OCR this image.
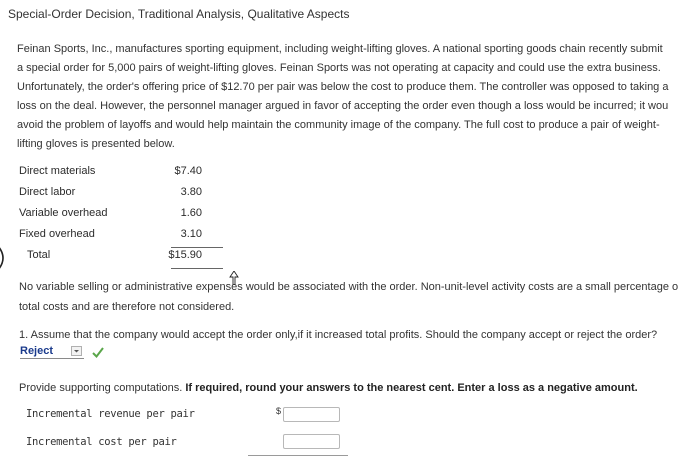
Special-Order Decision, Traditional Analysis, Qualitative Aspects
Feinan Sports, Inc., manufactures sporting equipment, including weight-lifting gloves. A national sporting goods chain recently submit
a special order for 5,000 pairs of weight-lifting gloves. Feinan Sports was not operating at capacity and could use the extra business.
Unfortunately, the order's offering price of $12.70 per pair was below the cost to produce them. The controller was opposed to taking a
loss on the deal. However, the personnel manager argued in favor of accepting the order even though a loss would be incurred; it wou
avoid the problem of layoffs and would help maintain the community image of the company. The full cost to produce a pair of weight-
lifting gloves is presented below.
Direct materials	$7.40
Direct labor	3.80
Variable overhead	1.60
Fixed overhead	3.10
Total	$15.90
No variable selling or administrative expenses would be associated with the order. Non-unit-level activity costs are a small percentage o
total costs and are therefore not considered.
1. Assume that the company would accept the order only,if it increased total profits. Should the company accept or reject the order?
Reject
Provide supporting computations. If required, round your answers to the nearest cent. Enter a loss as a negative amount.
Incremental revenue per pair	$
Incremental cost per pair
